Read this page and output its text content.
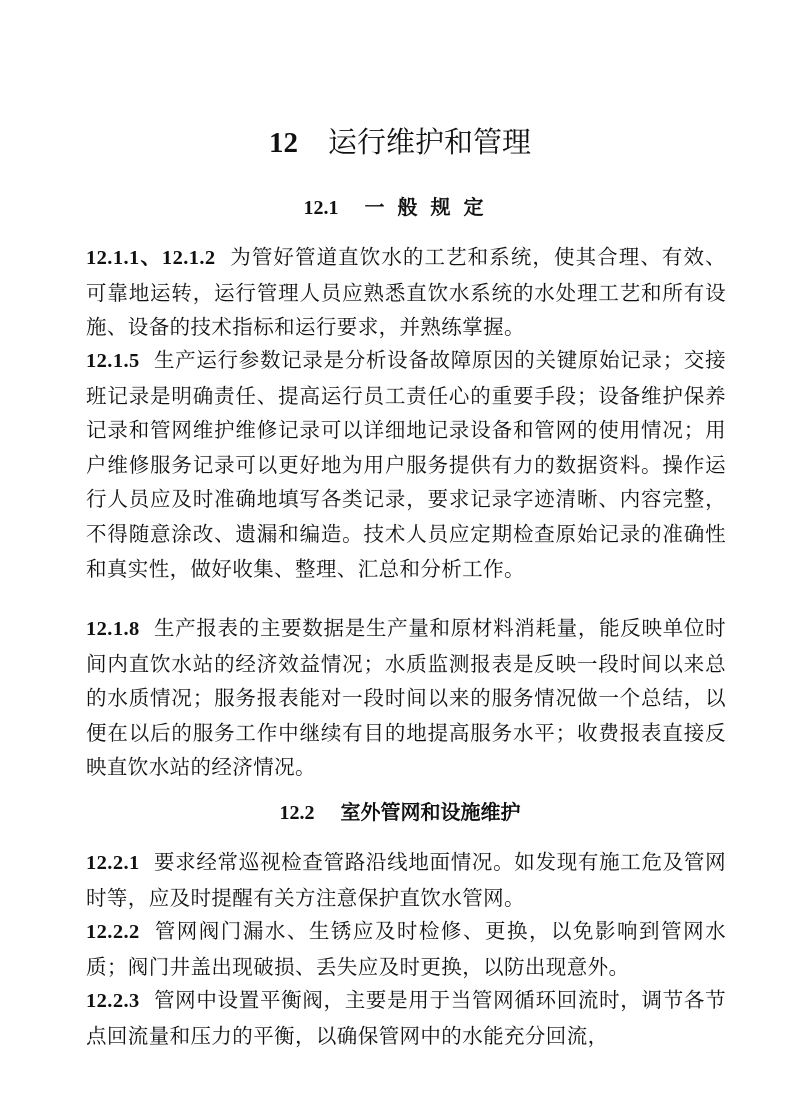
12 运行维护和管理
12.1 一般规定

12.1.1、12.1.2 为管好管道直饮水的工艺和系统，使其合理、有效、可靠地运转，运行管理人员应熟悉直饮水系统的水处理工艺和所有设施、设备的技术指标和运行要求，并熟练掌握。

12.1.5 生产运行参数记录是分析设备故障原因的关键原始记录；交接班记录是明确责任、提高运行员工责任心的重要手段；设备维护保养记录和管网维护维修记录可以详细地记录设备和管网的使用情况；用户维修服务记录可以更好地为用户服务提供有力的数据资料。操作运行人员应及时准确地填写各类记录，要求记录字迹清晰、内容完整，不得随意涂改、遗漏和编造。技术人员应定期检查原始记录的准确性和真实性，做好收集、整理、汇总和分析工作。

12.1.8 生产报表的主要数据是生产量和原材料消耗量，能反映单位时间内直饮水站的经济效益情况；水质监测报表是反映一段时间以来总的水质情况；服务报表能对一段时间以来的服务情况做一个总结，以便在以后的服务工作中继续有目的地提高服务水平；收费报表直接反映直饮水站的经济情况。

12.2 室外管网和设施维护

12.2.1 要求经常巡视检查管路沿线地面情况。如发现有施工危及管网时等，应及时提醒有关方注意保护直饮水管网。

12.2.2 管网阀门漏水、生锈应及时检修、更换，以免影响到管网水质；阀门井盖出现破损、丢失应及时更换，以防出现意外。

12.2.3 管网中设置平衡阀，主要是用于当管网循环回流时，调节各节点回流量和压力的平衡，以确保管网中的水能充分回流，
